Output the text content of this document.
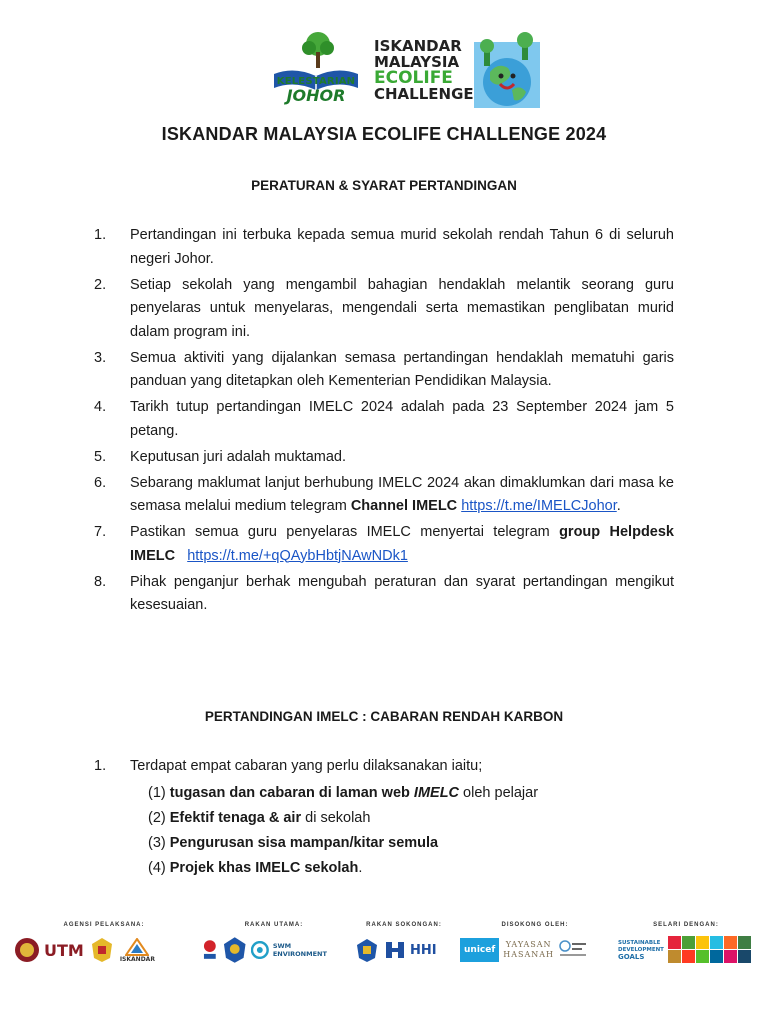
KELESTARIAN
JOHOR
ISKANDAR
MALAYSIA
ECOLIFE
CHALLENGE
ISKANDAR MALAYSIA ECOLIFE CHALLENGE 2024
PERATURAN & SYARAT PERTANDINGAN
1. Pertandingan ini terbuka kepada semua murid sekolah rendah Tahun 6 di seluruh negeri Johor.
2. Setiap sekolah yang mengambil bahagian hendaklah melantik seorang guru penyelaras untuk menyelaras, mengendali serta memastikan penglibatan murid dalam program ini.
3. Semua aktiviti yang dijalankan semasa pertandingan hendaklah mematuhi garis panduan yang ditetapkan oleh Kementerian Pendidikan Malaysia.
4. Tarikh tutup pertandingan IMELC 2024 adalah pada 23 September 2024 jam 5 petang.
5. Keputusan juri adalah muktamad.
6. Sebarang maklumat lanjut berhubung IMELC 2024 akan dimaklumkan dari masa ke semasa melalui medium telegram Channel IMELC https://t.me/IMELCJohor.
7. Pastikan semua guru penyelaras IMELC menyertai telegram group Helpdesk IMELC https://t.me/+qQAybHbtjNAwNDk1
8. Pihak penganjur berhak mengubah peraturan dan syarat pertandingan mengikut kesesuaian.
PERTANDINGAN IMELC : CABARAN RENDAH KARBON
1. Terdapat empat cabaran yang perlu dilaksanakan iaitu;
(1) tugasan dan cabaran di laman web IMELC oleh pelajar
(2) Efektif tenaga & air di sekolah
(3) Pengurusan sisa mampan/kitar semula
(4) Projek khas IMELC sekolah.
AGENSI PELAKSANA:
UTM	ISKANDAR
RAKAN UTAMA:
SWM ENVIRONMENT
RAKAN SOKONGAN:
HHI
DISOKONG OLEH:
unicef
YAYASAN
HASANAH
SELARI DENGAN:
SUSTAINABLE
DEVELOPMENT
GOALS
